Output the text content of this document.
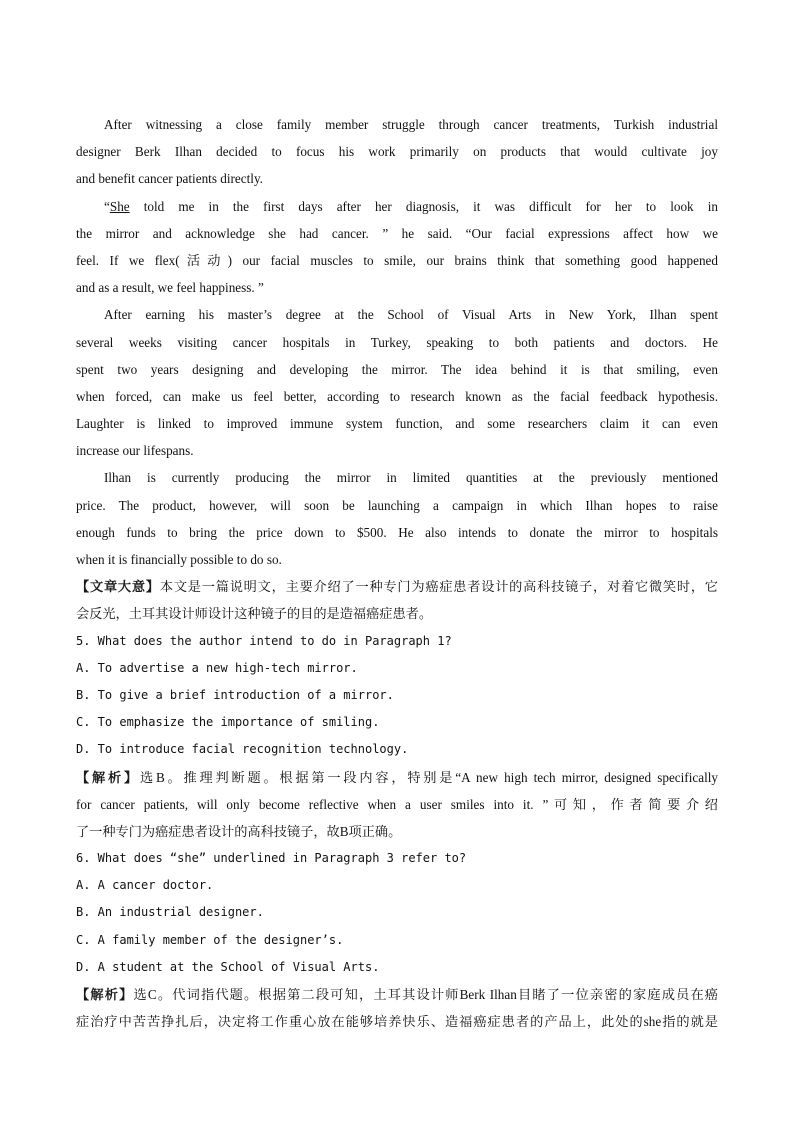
After witnessing a close family member struggle through cancer treatments, Turkish industrial
designer Berk Ilhan decided to focus his work primarily on products that would cultivate joy
and benefit cancer patients directly.
“She told me in the first days after her diagnosis, it was difficult for her to look in
the mirror and acknowledge she had cancer. ” he said. “Our facial expressions affect how we
feel. If we flex(活动) our facial muscles to smile, our brains think that something good happened
and as a result, we feel happiness. ”
After earning his master’s degree at the School of Visual Arts in New York, Ilhan spent
several weeks visiting cancer hospitals in Turkey, speaking to both patients and doctors. He
spent two years designing and developing the mirror. The idea behind it is that smiling, even
when forced, can make us feel better, according to research known as the facial feedback hypothesis.
Laughter is linked to improved immune system function, and some researchers claim it can even
increase our lifespans.
Ilhan is currently producing the mirror in limited quantities at the previously mentioned
price. The product, however, will soon be launching a campaign in which Ilhan hopes to raise
enough funds to bring the price down to $500. He also intends to donate the mirror to hospitals
when it is financially possible to do so.
【文章大意】本文是一篇说明文，主要介绍了一种专门为癌症患者设计的高科技镜子，对着它微笑时，它
会反光，土耳其设计师设计这种镜子的目的是造福癌症患者。
5. What does the author intend to do in Paragraph 1?
A. To advertise a new high-tech mirror.
B. To give a brief introduction of a mirror.
C. To emphasize the importance of smiling.
D. To introduce facial recognition technology.
【解析】选B。推理判断题。根据第一段内容，特别是“A new high tech mirror, designed specifically
for cancer patients, will only become reflective when a user smiles into it. ”可知，作者简要介绍
了一种专门为癌症患者设计的高科技镜子，故B项正确。
6. What does “she” underlined in Paragraph 3 refer to?
A. A cancer doctor.
B. An industrial designer.
C. A family member of the designer’s.
D. A student at the School of Visual Arts.
【解析】选C。代词指代题。根据第二段可知，土耳其设计师Berk Ilhan目睹了一位亲密的家庭成员在癌
症治疗中苦苦挣扎后，决定将工作重心放在能够培养快乐、造福癌症患者的产品上，此处的she指的就是
